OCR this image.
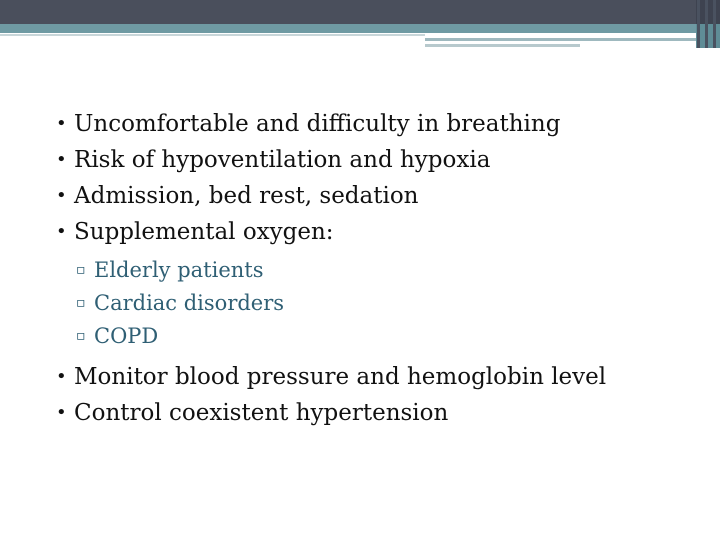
• Uncomfortable and difficulty in breathing
• Risk of hypoventilation and hypoxia
• Admission, bed rest, sedation
• Supplemental oxygen:
▫ Elderly patients
▫ Cardiac disorders
▫ COPD
• Monitor blood pressure and hemoglobin level
• Control coexistent hypertension
